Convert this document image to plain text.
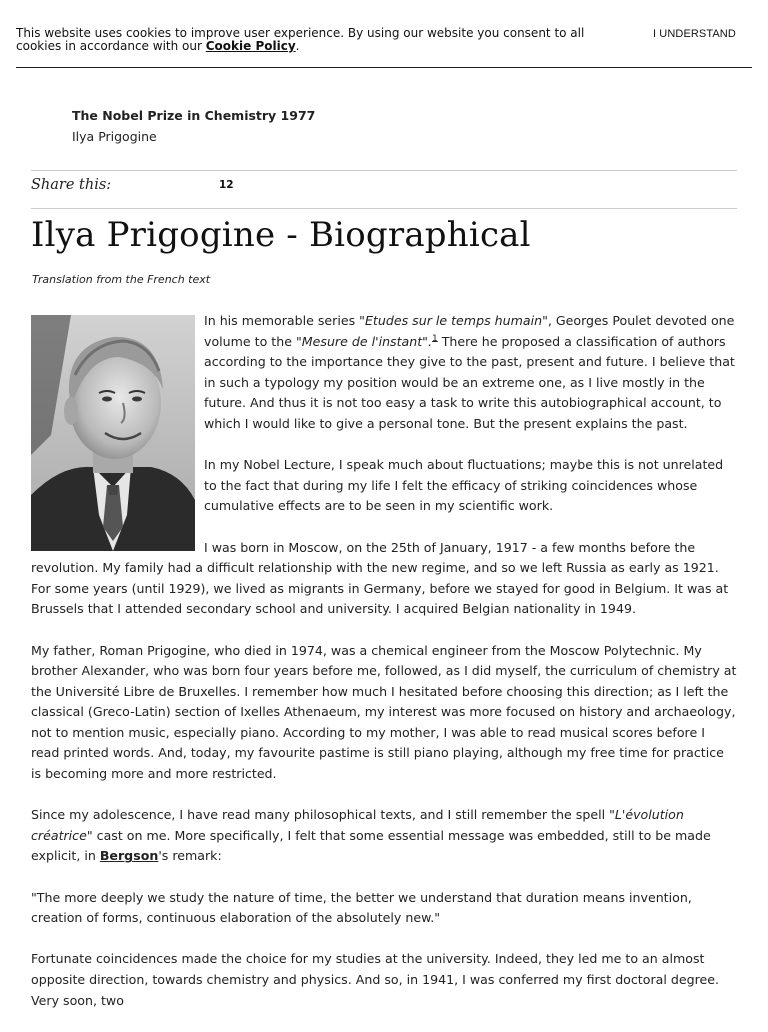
This website uses cookies to improve user experience. By using our website you consent to all cookies in accordance with our Cookie Policy.
I UNDERSTAND
The Nobel Prize in Chemistry 1977
Ilya Prigogine
Share this:	12
Ilya Prigogine - Biographical
Translation from the French text

In his memorable series "Etudes sur le temps humain", Georges Poulet devoted one volume to the "Mesure de l'instant".$^1$ There he proposed a classification of authors according to the importance they give to the past, present and future. I believe that in such a typology my position would be an extreme one, as I live mostly in the future. And thus it is not too easy a task to write this autobiographical account, to which I would like to give a personal tone. But the present explains the past.

In my Nobel Lecture, I speak much about fluctuations; maybe this is not unrelated to the fact that during my life I felt the efficacy of striking coincidences whose cumulative effects are to be seen in my scientific work.

I was born in Moscow, on the 25th of January, 1917 - a few months before the revolution. My family had a difficult relationship with the new regime, and so we left Russia as early as 1921. For some years (until 1929), we lived as migrants in Germany, before we stayed for good in Belgium. It was at Brussels that I attended secondary school and university. I acquired Belgian nationality in 1949.

My father, Roman Prigogine, who died in 1974, was a chemical engineer from the Moscow Polytechnic. My brother Alexander, who was born four years before me, followed, as I did myself, the curriculum of chemistry at the Université Libre de Bruxelles. I remember how much I hesitated before choosing this direction; as I left the classical (Greco-Latin) section of Ixelles Athenaeum, my interest was more focused on history and archaeology, not to mention music, especially piano. According to my mother, I was able to read musical scores before I read printed words. And, today, my favourite pastime is still piano playing, although my free time for practice is becoming more and more restricted.

Since my adolescence, I have read many philosophical texts, and I still remember the spell "L'évolution créatrice" cast on me. More specifically, I felt that some essential message was embedded, still to be made explicit, in Bergson's remark:

"The more deeply we study the nature of time, the better we understand that duration means invention, creation of forms, continuous elaboration of the absolutely new."

Fortunate coincidences made the choice for my studies at the university. Indeed, they led me to an almost opposite direction, towards chemistry and physics. And so, in 1941, I was conferred my first doctoral degree. Very soon, two
